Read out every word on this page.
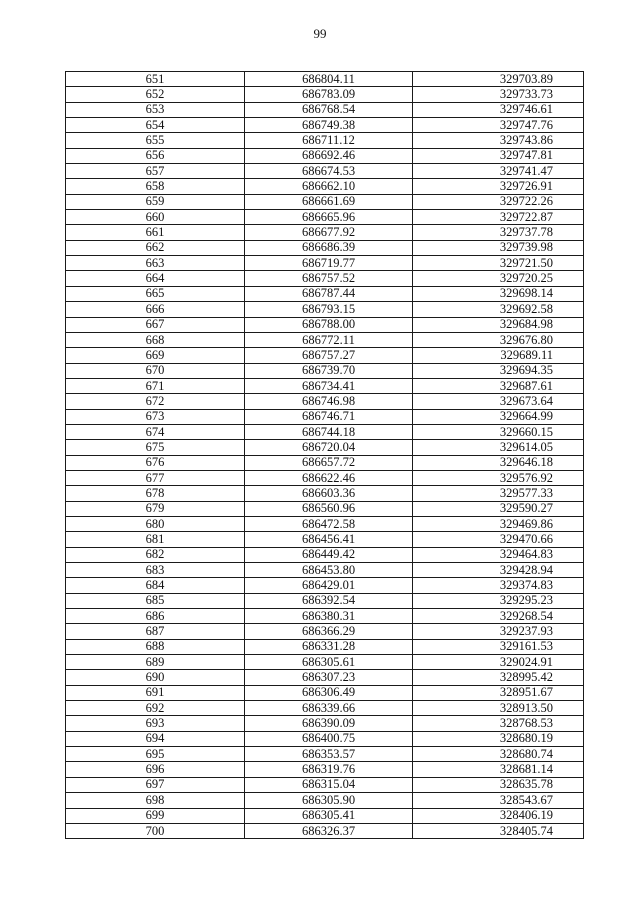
99
651	686804.11	329703.89
652	686783.09	329733.73
653	686768.54	329746.61
654	686749.38	329747.76
655	686711.12	329743.86
656	686692.46	329747.81
657	686674.53	329741.47
658	686662.10	329726.91
659	686661.69	329722.26
660	686665.96	329722.87
661	686677.92	329737.78
662	686686.39	329739.98
663	686719.77	329721.50
664	686757.52	329720.25
665	686787.44	329698.14
666	686793.15	329692.58
667	686788.00	329684.98
668	686772.11	329676.80
669	686757.27	329689.11
670	686739.70	329694.35
671	686734.41	329687.61
672	686746.98	329673.64
673	686746.71	329664.99
674	686744.18	329660.15
675	686720.04	329614.05
676	686657.72	329646.18
677	686622.46	329576.92
678	686603.36	329577.33
679	686560.96	329590.27
680	686472.58	329469.86
681	686456.41	329470.66
682	686449.42	329464.83
683	686453.80	329428.94
684	686429.01	329374.83
685	686392.54	329295.23
686	686380.31	329268.54
687	686366.29	329237.93
688	686331.28	329161.53
689	686305.61	329024.91
690	686307.23	328995.42
691	686306.49	328951.67
692	686339.66	328913.50
693	686390.09	328768.53
694	686400.75	328680.19
695	686353.57	328680.74
696	686319.76	328681.14
697	686315.04	328635.78
698	686305.90	328543.67
699	686305.41	328406.19
700	686326.37	328405.74
